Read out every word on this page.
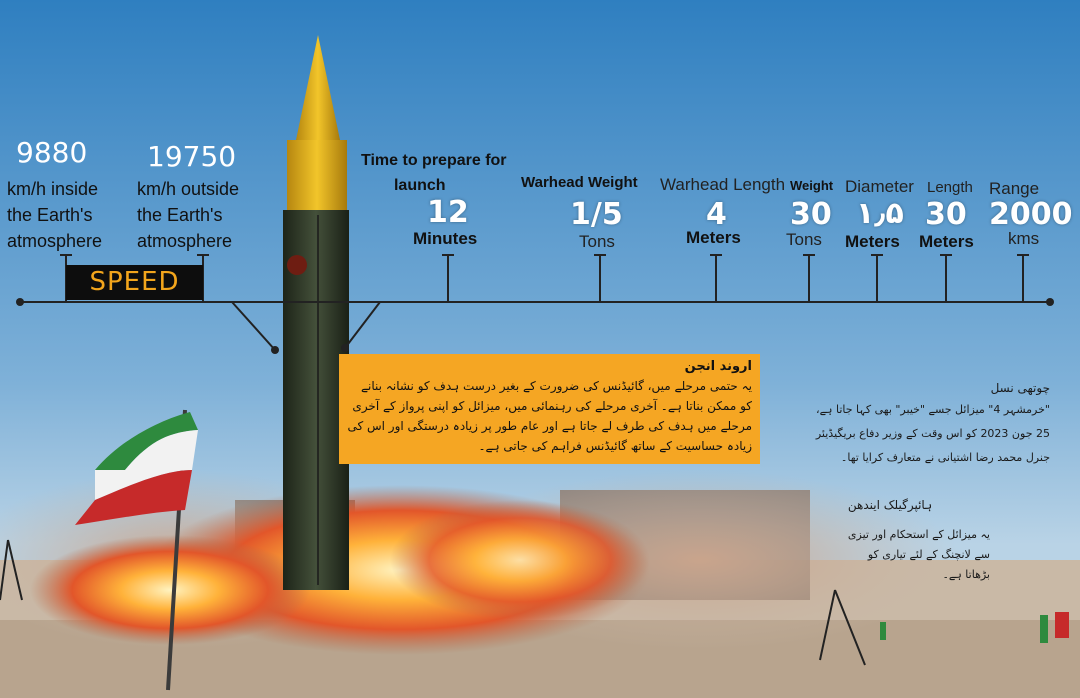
9880
km/h inside
the Earth's
atmosphere
19750
km/h outside
the Earth's
atmosphere
SPEED
Time to prepare for
launch
12
Minutes
Warhead Weight
1/5
Tons
Warhead Length
4
Meters
Weight
30
Tons
Diameter
۱٫۵
Meters
Length
30
Meters
Range
2000
kms
اروند انجن
یہ حتمی مرحلے میں، گائیڈنس کی ضرورت کے بغیر درست ہدف کو نشانہ بنانے کو ممکن بناتا ہے۔ آخری مرحلے کی رہنمائی میں، میزائل کو اپنی پرواز کے آخری مرحلے میں ہدف کی طرف لے جاتا ہے اور عام طور پر زیادہ درستگی اور اس کی زیادہ حساسیت کے ساتھ گائیڈنس فراہم کی جاتی ہے۔
چوتھی نسل
"خرمشہر 4" میزائل جسے "خیبر" بھی کہا جاتا ہے،
25 جون 2023 کو اس وقت کے وزیر دفاع بریگیڈیئر
جنرل محمد رضا اشتیانی نے متعارف کرایا تھا۔
ہائپرگیلک ایندھن
یہ میزائل کے استحکام اور تیزی
سے لانچنگ کے لئے تیاری کو
بڑھاتا ہے۔
